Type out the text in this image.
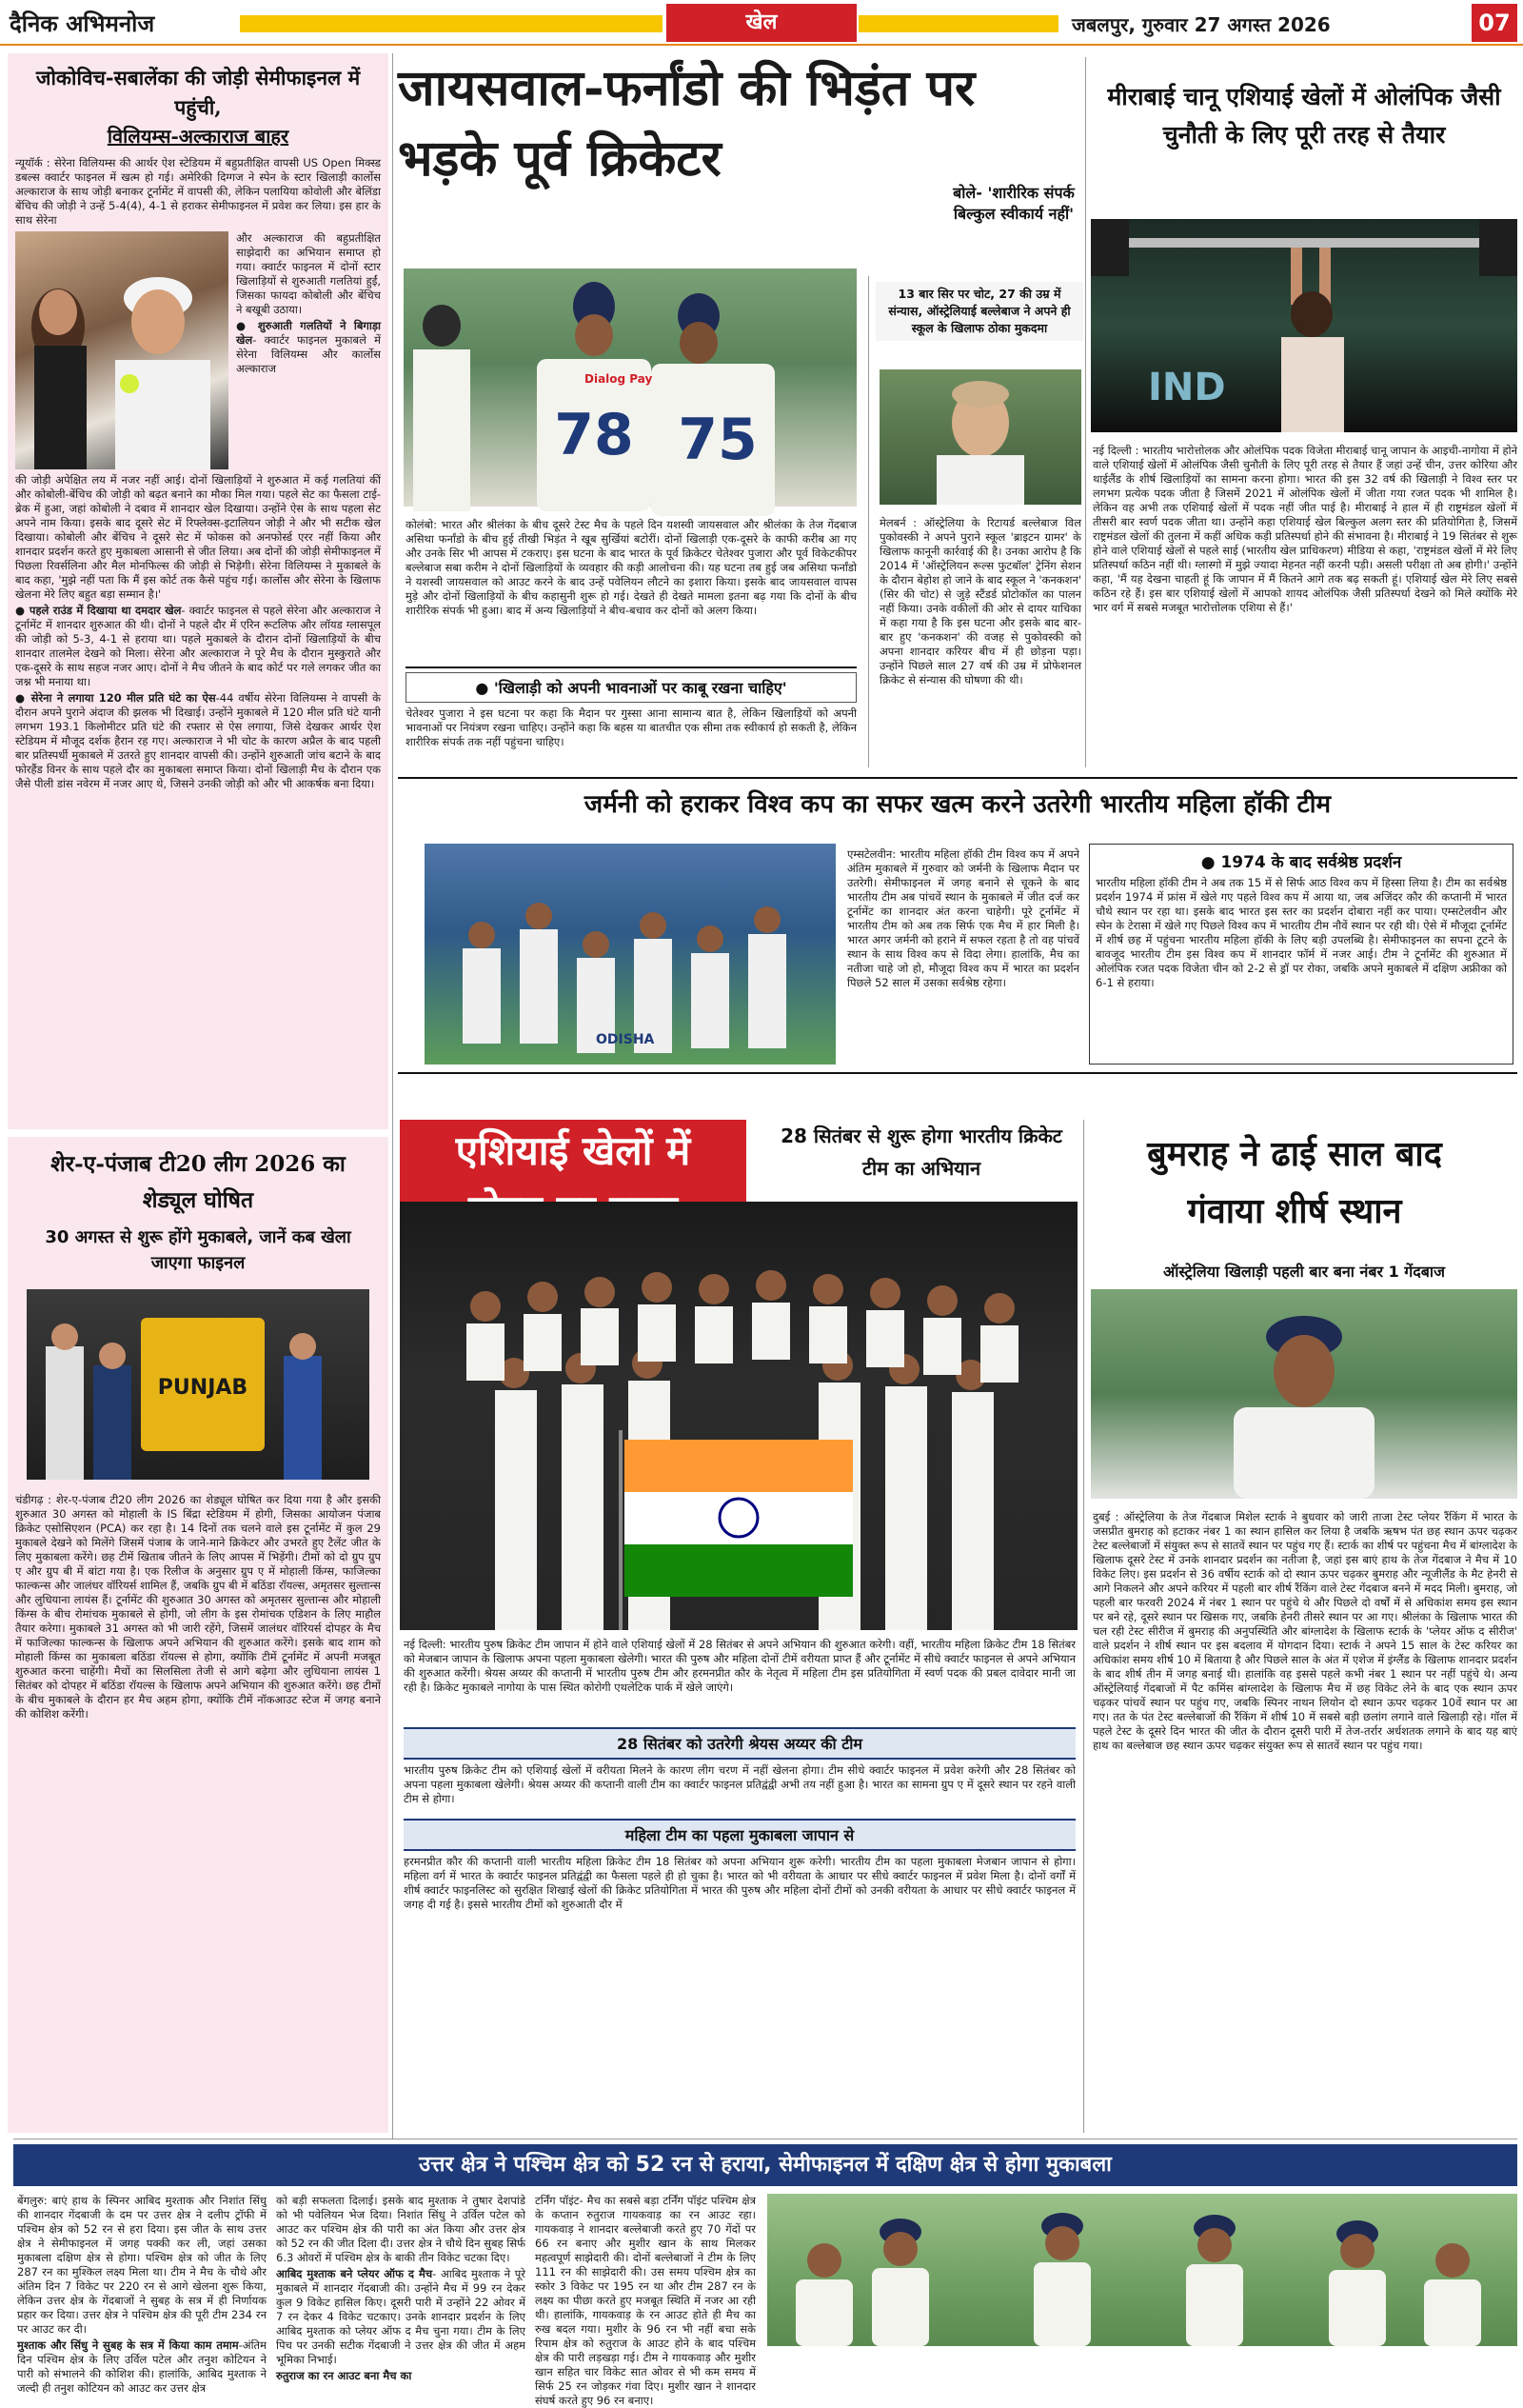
दैनिक अभिमनोज	खेल	जबलपुर, गुरुवार 27 अगस्त 2026	07
जोकोविच-सबालेंका की जोड़ी सेमीफाइनल में पहुंची,
विलियम्स-अल्काराज बाहर
न्यूयॉर्क : सेरेना विलियम्स की आर्थर ऐश स्टेडियम में बहुप्रतीक्षित वापसी US Open मिक्स्ड डबल्स क्वार्टर फाइनल में खत्म हो गई। अमेरिकी दिग्गज ने स्पेन के स्टार खिलाड़ी कार्लोस अल्काराज के साथ जोड़ी बनाकर टूर्नामेंट में वापसी की, लेकिन पलायिया कोवोली और बेलिंडा बेंचिच की जोड़ी ने उन्हें 5-4(4), 4-1 से हराकर सेमीफाइनल में प्रवेश कर लिया। इस हार के साथ सेरेना
और अल्काराज की बहुप्रतीक्षित साझेदारी का अभियान समाप्त हो गया। क्वार्टर फाइनल में दोनों स्टार खिलाड़ियों से शुरुआती गलतियां हुईं, जिसका फायदा कोबोली और बेंचिच ने बखूबी उठाया।
● शुरुआती गलतियों ने बिगाड़ा खेल- क्वार्टर फाइनल मुकाबले में सेरेना विलियम्स और कार्लोस अल्काराज
की जोड़ी अपेक्षित लय में नजर नहीं आई। दोनों खिलाड़ियों ने शुरुआत में कई गलतियां कीं और कोबोली-बेंचिच की जोड़ी को बढ़त बनाने का मौका मिल गया। पहले सेट का फैसला टाई-ब्रेक में हुआ, जहां कोबोली ने दबाव में शानदार खेल दिखाया। उन्होंने ऐस के साथ पहला सेट अपने नाम किया। इसके बाद दूसरे सेट में रिफ्लेक्स-इटालियन जोड़ी ने और भी सटीक खेल दिखाया। कोबोली और बेंचिच ने दूसरे सेट में फोकस को अनफोर्स्ड एरर नहीं किया और शानदार प्रदर्शन करते हुए मुकाबला आसानी से जीत लिया। अब दोनों की जोड़ी सेमीफाइनल में पिछला रिवर्सलिना और मैल मोनफिल्स की जोड़ी से भिड़ेगी। सेरेना विलियम्स ने मुकाबले के बाद कहा, 'मुझे नहीं पता कि मैं इस कोर्ट तक कैसे पहुंच गई। कार्लोस और सेरेना के खिलाफ खेलना मेरे लिए बहुत बड़ा सम्मान है।'
● पहले राउंड में दिखाया था दमदार खेल- क्वार्टर फाइनल से पहले सेरेना और अल्काराज ने टूर्नामेंट में शानदार शुरुआत की थी। दोनों ने पहले दौर में एरिन रूटलिफ और लॉयड ग्लासपूल की जोड़ी को 5-3, 4-1 से हराया था। पहले मुकाबले के दौरान दोनों खिलाड़ियों के बीच शानदार तालमेल देखने को मिला। सेरेना और अल्काराज ने पूरे मैच के दौरान मुस्कुराते और एक-दूसरे के साथ सहज नजर आए। दोनों ने मैच जीतने के बाद कोर्ट पर गले लगकर जीत का जश्न भी मनाया था।
● सेरेना ने लगाया 120 मील प्रति घंटे का ऐस-44 वर्षीय सेरेना विलियम्स ने वापसी के दौरान अपने पुराने अंदाज की झलक भी दिखाई। उन्होंने मुकाबले में 120 मील प्रति घंटे यानी लगभग 193.1 किलोमीटर प्रति घंटे की रफ्तार से ऐस लगाया, जिसे देखकर आर्थर ऐश स्टेडियम में मौजूद दर्शक हैरान रह गए। अल्काराज ने भी चोट के कारण अप्रैल के बाद पहली बार प्रतिस्पर्धी मुकाबले में उतरते हुए शानदार वापसी की। उन्होंने शुरुआती जांच बटाने के बाद फोरहैंड विनर के साथ पहले दौर का मुकाबला समाप्त किया। दोनों खिलाड़ी मैच के दौरान एक जैसे पीली डांस नवेरम में नजर आए थे, जिसने उनकी जोड़ी को और भी आकर्षक बना दिया।
शेर-ए-पंजाब टी20 लीग 2026 का शेड्यूल घोषित
30 अगस्त से शुरू होंगे मुकाबले, जानें कब खेला जाएगा फाइनल
PUNJAB
चंडीगढ़ : शेर-ए-पंजाब टी20 लीग 2026 का शेड्यूल घोषित कर दिया गया है और इसकी शुरुआत 30 अगस्त को मोहाली के IS बिंद्रा स्टेडियम में होगी, जिसका आयोजन पंजाब क्रिकेट एसोसिएशन (PCA) कर रहा है। 14 दिनों तक चलने वाले इस टूर्नामेंट में कुल 29 मुकाबले देखने को मिलेंगे जिसमें पंजाब के जाने-माने क्रिकेटर और उभरते हुए टैलेंट जीत के लिए मुकाबला करेंगे। छह टीमें खिताब जीतने के लिए आपस में भिड़ेंगी। टीमों को दो ग्रुप ग्रुप ए और ग्रुप बी में बांटा गया है। एक रिलीज के अनुसार ग्रुप ए में मोहाली किंग्स, फाजिल्का फाल्कन्स और जालंधर वॉरियर्स शामिल हैं, जबकि ग्रुप बी में बठिंडा रॉयल्स, अमृतसर सुल्तान्स और लुधियाना लायंस हैं। टूर्नामेंट की शुरुआत 30 अगस्त को अमृतसर सुल्तान्स और मोहाली किंग्स के बीच रोमांचक मुकाबले से होगी, जो लीग के इस रोमांचक एडिशन के लिए माहौल तैयार करेगा। मुकाबले 31 अगस्त को भी जारी रहेंगे, जिसमें जालंधर वॉरियर्स दोपहर के मैच में फाजिल्का फाल्कन्स के खिलाफ अपने अभियान की शुरुआत करेंगे। इसके बाद शाम को मोहाली किंग्स का मुकाबला बठिंडा रॉयल्स से होगा, क्योंकि टीमें टूर्नामेंट में अपनी मजबूत शुरुआत करना चाहेंगी। मैचों का सिलसिला तेजी से आगे बढ़ेगा और लुधियाना लायंस 1 सितंबर को दोपहर में बठिंडा रॉयल्स के खिलाफ अपने अभियान की शुरुआत करेंगे। छह टीमों के बीच मुकाबले के दौरान हर मैच अहम होगा, क्योंकि टीमें नॉकआउट स्टेज में जगह बनाने की कोशिश करेंगी।
जायसवाल-फर्नांडो की भिड़ंत पर भड़के पूर्व क्रिकेटर
बोले- 'शारीरिक संपर्क बिल्कुल स्वीकार्य नहीं'
78 75
Dialog Pay
कोलंबो: भारत और श्रीलंका के बीच दूसरे टेस्ट मैच के पहले दिन यशस्वी जायसवाल और श्रीलंका के तेज गेंदबाज असिथा फर्नांडो के बीच हुई तीखी भिड़ंत ने खूब सुर्खियां बटोरीं। दोनों खिलाड़ी एक-दूसरे के काफी करीब आ गए और उनके सिर भी आपस में टकराए। इस घटना के बाद भारत के पूर्व क्रिकेटर चेतेश्वर पुजारा और पूर्व विकेटकीपर बल्लेबाज सबा करीम ने दोनों खिलाड़ियों के व्यवहार की कड़ी आलोचना की। यह घटना तब हुई जब असिथा फर्नांडो ने यशस्वी जायसवाल को आउट करने के बाद उन्हें पवेलियन लौटने का इशारा किया। इसके बाद जायसवाल वापस मुड़े और दोनों खिलाड़ियों के बीच कहासुनी शुरू हो गई। देखते ही देखते मामला इतना बढ़ गया कि दोनों के बीच शारीरिक संपर्क भी हुआ। बाद में अन्य खिलाड़ियों ने बीच-बचाव कर दोनों को अलग किया।
● 'खिलाड़ी को अपनी भावनाओं पर काबू रखना चाहिए'
चेतेश्वर पुजारा ने इस घटना पर कहा कि मैदान पर गुस्सा आना सामान्य बात है, लेकिन खिलाड़ियों को अपनी भावनाओं पर नियंत्रण रखना चाहिए। उन्होंने कहा कि बहस या बातचीत एक सीमा तक स्वीकार्य हो सकती है, लेकिन शारीरिक संपर्क तक नहीं पहुंचना चाहिए।
13 बार सिर पर चोट, 27 की उम्र में संन्यास, ऑस्ट्रेलियाई बल्लेबाज ने अपने ही स्कूल के खिलाफ ठोका मुकदमा
मेलबर्न : ऑस्ट्रेलिया के रिटायर्ड बल्लेबाज विल पुकोवस्की ने अपने पुराने स्कूल 'ब्राइटन ग्रामर' के खिलाफ कानूनी कार्रवाई की है। उनका आरोप है कि 2014 में 'ऑस्ट्रेलियन रूल्स फुटबॉल' ट्रेनिंग सेशन के दौरान बेहोश हो जाने के बाद स्कूल ने 'कनकशन' (सिर की चोट) से जुड़े स्टैंडर्ड प्रोटोकॉल का पालन नहीं किया। उनके वकीलों की ओर से दायर याचिका में कहा गया है कि इस घटना और इसके बाद बार-बार हुए 'कनकशन' की वजह से पुकोवस्की को अपना शानदार करियर बीच में ही छोड़ना पड़ा। उन्होंने पिछले साल 27 वर्ष की उम्र में प्रोफेशनल क्रिकेट से संन्यास की घोषणा की थी।
मीराबाई चानू एशियाई खेलों में ओलंपिक जैसी चुनौती के लिए पूरी तरह से तैयार
IND
नई दिल्ली : भारतीय भारोत्तोलक और ओलंपिक पदक विजेता मीराबाई चानू जापान के आइची-नागोया में होने वाले एशियाई खेलों में ओलंपिक जैसी चुनौती के लिए पूरी तरह से तैयार हैं जहां उन्हें चीन, उत्तर कोरिया और थाईलैंड के शीर्ष खिलाड़ियों का सामना करना होगा। भारत की इस 32 वर्ष की खिलाड़ी ने विश्व स्तर पर लगभग प्रत्येक पदक जीता है जिसमें 2021 में ओलंपिक खेलों में जीता गया रजत पदक भी शामिल है। लेकिन वह अभी तक एशियाई खेलों में पदक नहीं जीत पाई है। मीराबाई ने हाल में ही राष्ट्रमंडल खेलों में तीसरी बार स्वर्ण पदक जीता था। उन्होंने कहा एशियाई खेल बिल्कुल अलग स्तर की प्रतियोगिता है, जिसमें राष्ट्रमंडल खेलों की तुलना में कहीं अधिक कड़ी प्रतिस्पर्धा होने की संभावना है। मीराबाई ने 19 सितंबर से शुरू होने वाले एशियाई खेलों से पहले साई (भारतीय खेल प्राधिकरण) मीडिया से कहा, 'राष्ट्रमंडल खेलों में मेरे लिए प्रतिस्पर्धा कठिन नहीं थी। ग्लास्गो में मुझे ज्यादा मेहनत नहीं करनी पड़ी। असली परीक्षा तो अब होगी।' उन्होंने कहा, 'मैं यह देखना चाहती हूं कि जापान में मैं कितने आगे तक बढ़ सकती हूं। एशियाई खेल मेरे लिए सबसे कठिन रहे हैं। इस बार एशियाई खेलों में आपको शायद ओलंपिक जैसी प्रतिस्पर्धा देखने को मिले क्योंकि मेरे भार वर्ग में सबसे मजबूत भारोत्तोलक एशिया से हैं।'
जर्मनी को हराकर विश्व कप का सफर खत्म करने उतरेगी भारतीय महिला हॉकी टीम
ODISHA
एम्सटेलवीन: भारतीय महिला हॉकी टीम विश्व कप में अपने अंतिम मुकाबले में गुरुवार को जर्मनी के खिलाफ मैदान पर उतरेगी। सेमीफाइनल में जगह बनाने से चूकने के बाद भारतीय टीम अब पांचवें स्थान के मुकाबले में जीत दर्ज कर टूर्नामेंट का शानदार अंत करना चाहेगी। पूरे टूर्नामेंट में भारतीय टीम को अब तक सिर्फ एक मैच में हार मिली है। भारत अगर जर्मनी को हराने में सफल रहता है तो वह पांचवें स्थान के साथ विश्व कप से विदा लेगा। हालांकि, मैच का नतीजा चाहे जो हो, मौजूदा विश्व कप में भारत का प्रदर्शन पिछले 52 साल में उसका सर्वश्रेष्ठ रहेगा।
● 1974 के बाद सर्वश्रेष्ठ प्रदर्शन
भारतीय महिला हॉकी टीम ने अब तक 15 में से सिर्फ आठ विश्व कप में हिस्सा लिया है। टीम का सर्वश्रेष्ठ प्रदर्शन 1974 में फ्रांस में खेले गए पहले विश्व कप में आया था, जब अजिंदर कौर की कप्तानी में भारत चौथे स्थान पर रहा था। इसके बाद भारत इस स्तर का प्रदर्शन दोबारा नहीं कर पाया। एम्सटेलवीन और स्पेन के टेरासा में खेले गए पिछले विश्व कप में भारतीय टीम नौवें स्थान पर रही थी। ऐसे में मौजूदा टूर्नामेंट में शीर्ष छह में पहुंचना भारतीय महिला हॉकी के लिए बड़ी उपलब्धि है। सेमीफाइनल का सपना टूटने के बावजूद भारतीय टीम इस विश्व कप में शानदार फॉर्म में नजर आई। टीम ने टूर्नामेंट की शुरुआत में ओलंपिक रजत पदक विजेता चीन को 2-2 से ड्रॉ पर रोका, जबकि अपने मुकाबले में दक्षिण अफ्रीका को 6-1 से हराया।
एशियाई खेलों में	28 सितंबर से शुरू होगा भारतीय क्रिकेट टीम का अभियान
नई दिल्ली: भारतीय पुरुष क्रिकेट टीम जापान में होने वाले एशियाई खेलों में 28 सितंबर से अपने अभियान की शुरुआत करेगी। वहीं, भारतीय महिला क्रिकेट टीम 18 सितंबर को मेजबान जापान के खिलाफ अपना पहला मुकाबला खेलेगी। भारत की पुरुष और महिला दोनों टीमें वरीयता प्राप्त हैं और टूर्नामेंट में सीधे क्वार्टर फाइनल से अपने अभियान की शुरुआत करेंगी। श्रेयस अय्यर की कप्तानी में भारतीय पुरुष टीम और हरमनप्रीत कौर के नेतृत्व में महिला टीम इस प्रतियोगिता में स्वर्ण पदक की प्रबल दावेदार मानी जा रही है। क्रिकेट मुकाबले नागोया के पास स्थित कोरोगी एथलेटिक पार्क में खेले जाएंगे।
28 सितंबर को उतरेगी श्रेयस अय्यर की टीम
भारतीय पुरुष क्रिकेट टीम को एशियाई खेलों में वरीयता मिलने के कारण लीग चरण में नहीं खेलना होगा। टीम सीधे क्वार्टर फाइनल में प्रवेश करेगी और 28 सितंबर को अपना पहला मुकाबला खेलेगी। श्रेयस अय्यर की कप्तानी वाली टीम का क्वार्टर फाइनल प्रतिद्वंद्वी अभी तय नहीं हुआ है। भारत का सामना ग्रुप ए में दूसरे स्थान पर रहने वाली टीम से होगा।
महिला टीम का पहला मुकाबला जापान से
हरमनप्रीत कौर की कप्तानी वाली भारतीय महिला क्रिकेट टीम 18 सितंबर को अपना अभियान शुरू करेगी। भारतीय टीम का पहला मुकाबला मेजबान जापान से होगा। महिला वर्ग में भारत के क्वार्टर फाइनल प्रतिद्वंद्वी का फैसला पहले ही हो चुका है। भारत को भी वरीयता के आधार पर सीधे क्वार्टर फाइनल में प्रवेश मिला है। दोनों वर्गों में शीर्ष क्वार्टर फाइनलिस्ट को सुरक्षित शिखाई खेलों की क्रिकेट प्रतियोगिता में भारत की पुरुष और महिला दोनों टीमों को उनकी वरीयता के आधार पर सीधे क्वार्टर फाइनल में जगह दी गई है। इससे भारतीय टीमों को शुरुआती दौर में
बुमराह ने ढाई साल बाद गंवाया शीर्ष स्थान
ऑस्ट्रेलिया खिलाड़ी पहली बार बना नंबर 1 गेंदबाज
दुबई : ऑस्ट्रेलिया के तेज गेंदबाज मिशेल स्टार्क ने बुधवार को जारी ताजा टेस्ट प्लेयर रैंकिंग में भारत के जसप्रीत बुमराह को हटाकर नंबर 1 का स्थान हासिल कर लिया है जबकि ऋषभ पंत छह स्थान ऊपर चढ़कर टेस्ट बल्लेबाजों में संयुक्त रूप से सातवें स्थान पर पहुंच गए हैं। स्टार्क का शीर्ष पर पहुंचना मैच में बांग्लादेश के खिलाफ दूसरे टेस्ट में उनके शानदार प्रदर्शन का नतीजा है, जहां इस बाएं हाथ के तेज गेंदबाज ने मैच में 10 विकेट लिए। इस प्रदर्शन से 36 वर्षीय स्टार्क को दो स्थान ऊपर चढ़कर बुमराह और न्यूजीलैंड के मैट हेनरी से आगे निकलने और अपने करियर में पहली बार शीर्ष रैंकिंग वाले टेस्ट गेंदबाज बनने में मदद मिली। बुमराह, जो पहली बार फरवरी 2024 में नंबर 1 स्थान पर पहुंचे थे और पिछले दो वर्षों में से अधिकांश समय इस स्थान पर बने रहे, दूसरे स्थान पर खिसक गए, जबकि हेनरी तीसरे स्थान पर आ गए। श्रीलंका के खिलाफ भारत की चल रही टेस्ट सीरीज में बुमराह की अनुपस्थिति और बांग्लादेश के खिलाफ स्टार्क के 'प्लेयर ऑफ द सीरीज' वाले प्रदर्शन ने शीर्ष स्थान पर इस बदलाव में योगदान दिया। स्टार्क ने अपने 15 साल के टेस्ट करियर का अधिकांश समय शीर्ष 10 में बिताया है और पिछले साल के अंत में एशेज में इंग्लैंड के खिलाफ शानदार प्रदर्शन के बाद शीर्ष तीन में जगह बनाई थी। हालांकि वह इससे पहले कभी नंबर 1 स्थान पर नहीं पहुंचे थे। अन्य ऑस्ट्रेलियाई गेंदबाजों में पैट कमिंस बांग्लादेश के खिलाफ मैच में छह विकेट लेने के बाद एक स्थान ऊपर चढ़कर पांचवें स्थान पर पहुंच गए, जबकि स्पिनर नाथन लियोन दो स्थान ऊपर चढ़कर 10वें स्थान पर आ गए। तत के पंत टेस्ट बल्लेबाजों की रैंकिंग में शीर्ष 10 में सबसे बड़ी छलांग लगाने वाले खिलाड़ी रहे। गॉल में पहले टेस्ट के दूसरे दिन भारत की जीत के दौरान दूसरी पारी में तेज-तर्रार अर्धशतक लगाने के बाद यह बाएं हाथ का बल्लेबाज छह स्थान ऊपर चढ़कर संयुक्त रूप से सातवें स्थान पर पहुंच गया।
उत्तर क्षेत्र ने पश्चिम क्षेत्र को 52 रन से हराया, सेमीफाइनल में दक्षिण क्षेत्र से होगा मुकाबला
बेंगलुरु: बाएं हाथ के स्पिनर आबिद मुश्ताक और निशांत सिंधु की शानदार गेंदबाजी के दम पर उत्तर क्षेत्र ने दलीप ट्रॉफी में पश्चिम क्षेत्र को 52 रन से हरा दिया। इस जीत के साथ उत्तर क्षेत्र ने सेमीफाइनल में जगह पक्की कर ली, जहां उसका मुकाबला दक्षिण क्षेत्र से होगा। पश्चिम क्षेत्र को जीत के लिए 287 रन का मुश्किल लक्ष्य मिला था। टीम ने मैच के चौथे और अंतिम दिन 7 विकेट पर 220 रन से आगे खेलना शुरू किया, लेकिन उत्तर क्षेत्र के गेंदबाजों ने सुबह के सत्र में ही निर्णायक प्रहार कर दिया। उत्तर क्षेत्र ने पश्चिम क्षेत्र की पूरी टीम 234 रन पर आउट कर दी।
मुश्ताक और सिंधु ने सुबह के सत्र में किया काम तमाम-अंतिम दिन पश्चिम क्षेत्र के लिए उर्विल पटेल और तनुश कोटियन ने पारी को संभालने की कोशिश की। हालांकि, आबिद मुश्ताक ने जल्दी ही तनुश कोटियन को आउट कर उत्तर क्षेत्र
को बड़ी सफलता दिलाई। इसके बाद मुश्ताक ने तुषार देशपांडे को भी पवेलियन भेज दिया। निशांत सिंधु ने उर्विल पटेल को आउट कर पश्चिम क्षेत्र की पारी का अंत किया और उत्तर क्षेत्र को 52 रन की जीत दिला दी। उत्तर क्षेत्र ने चौथे दिन सुबह सिर्फ 6.3 ओवरों में पश्चिम क्षेत्र के बाकी तीन विकेट चटका दिए।
आबिद मुश्ताक बने प्लेयर ऑफ द मैच- आबिद मुश्ताक ने पूरे मुकाबले में शानदार गेंदबाजी की। उन्होंने मैच में 99 रन देकर कुल 9 विकेट हासिल किए। दूसरी पारी में उन्होंने 22 ओवर में 7 रन देकर 4 विकेट चटकाए। उनके शानदार प्रदर्शन के लिए आबिद मुश्ताक को प्लेयर ऑफ द मैच चुना गया। टीम के लिए पिच पर उनकी सटीक गेंदबाजी ने उत्तर क्षेत्र की जीत में अहम भूमिका निभाई।
रुतुराज का रन आउट बना मैच का
टर्निंग पॉइंट- मैच का सबसे बड़ा टर्निंग पॉइंट पश्चिम क्षेत्र के कप्तान रुतुराज गायकवाड़ का रन आउट रहा। गायकवाड़ ने शानदार बल्लेबाजी करते हुए 70 गेंदों पर 66 रन बनाए और मुशीर खान के साथ मिलकर महत्वपूर्ण साझेदारी की। दोनों बल्लेबाजों ने टीम के लिए 111 रन की साझेदारी की। उस समय पश्चिम क्षेत्र का स्कोर 3 विकेट पर 195 रन था और टीम 287 रन के लक्ष्य का पीछा करते हुए मजबूत स्थिति में नजर आ रही थी। हालांकि, गायकवाड़ के रन आउट होते ही मैच का रुख बदल गया। मुशीर के 96 रन भी नहीं बचा सके रिपाम क्षेत्र को रुतुराज के आउट होने के बाद पश्चिम क्षेत्र की पारी लड़खड़ा गई। टीम ने गायकवाड़ और मुशीर खान सहित चार विकेट सात ओवर से भी कम समय में सिर्फ 25 रन जोड़कर गंवा दिए। मुशीर खान ने शानदार संघर्ष करते हुए 96 रन बनाए।
